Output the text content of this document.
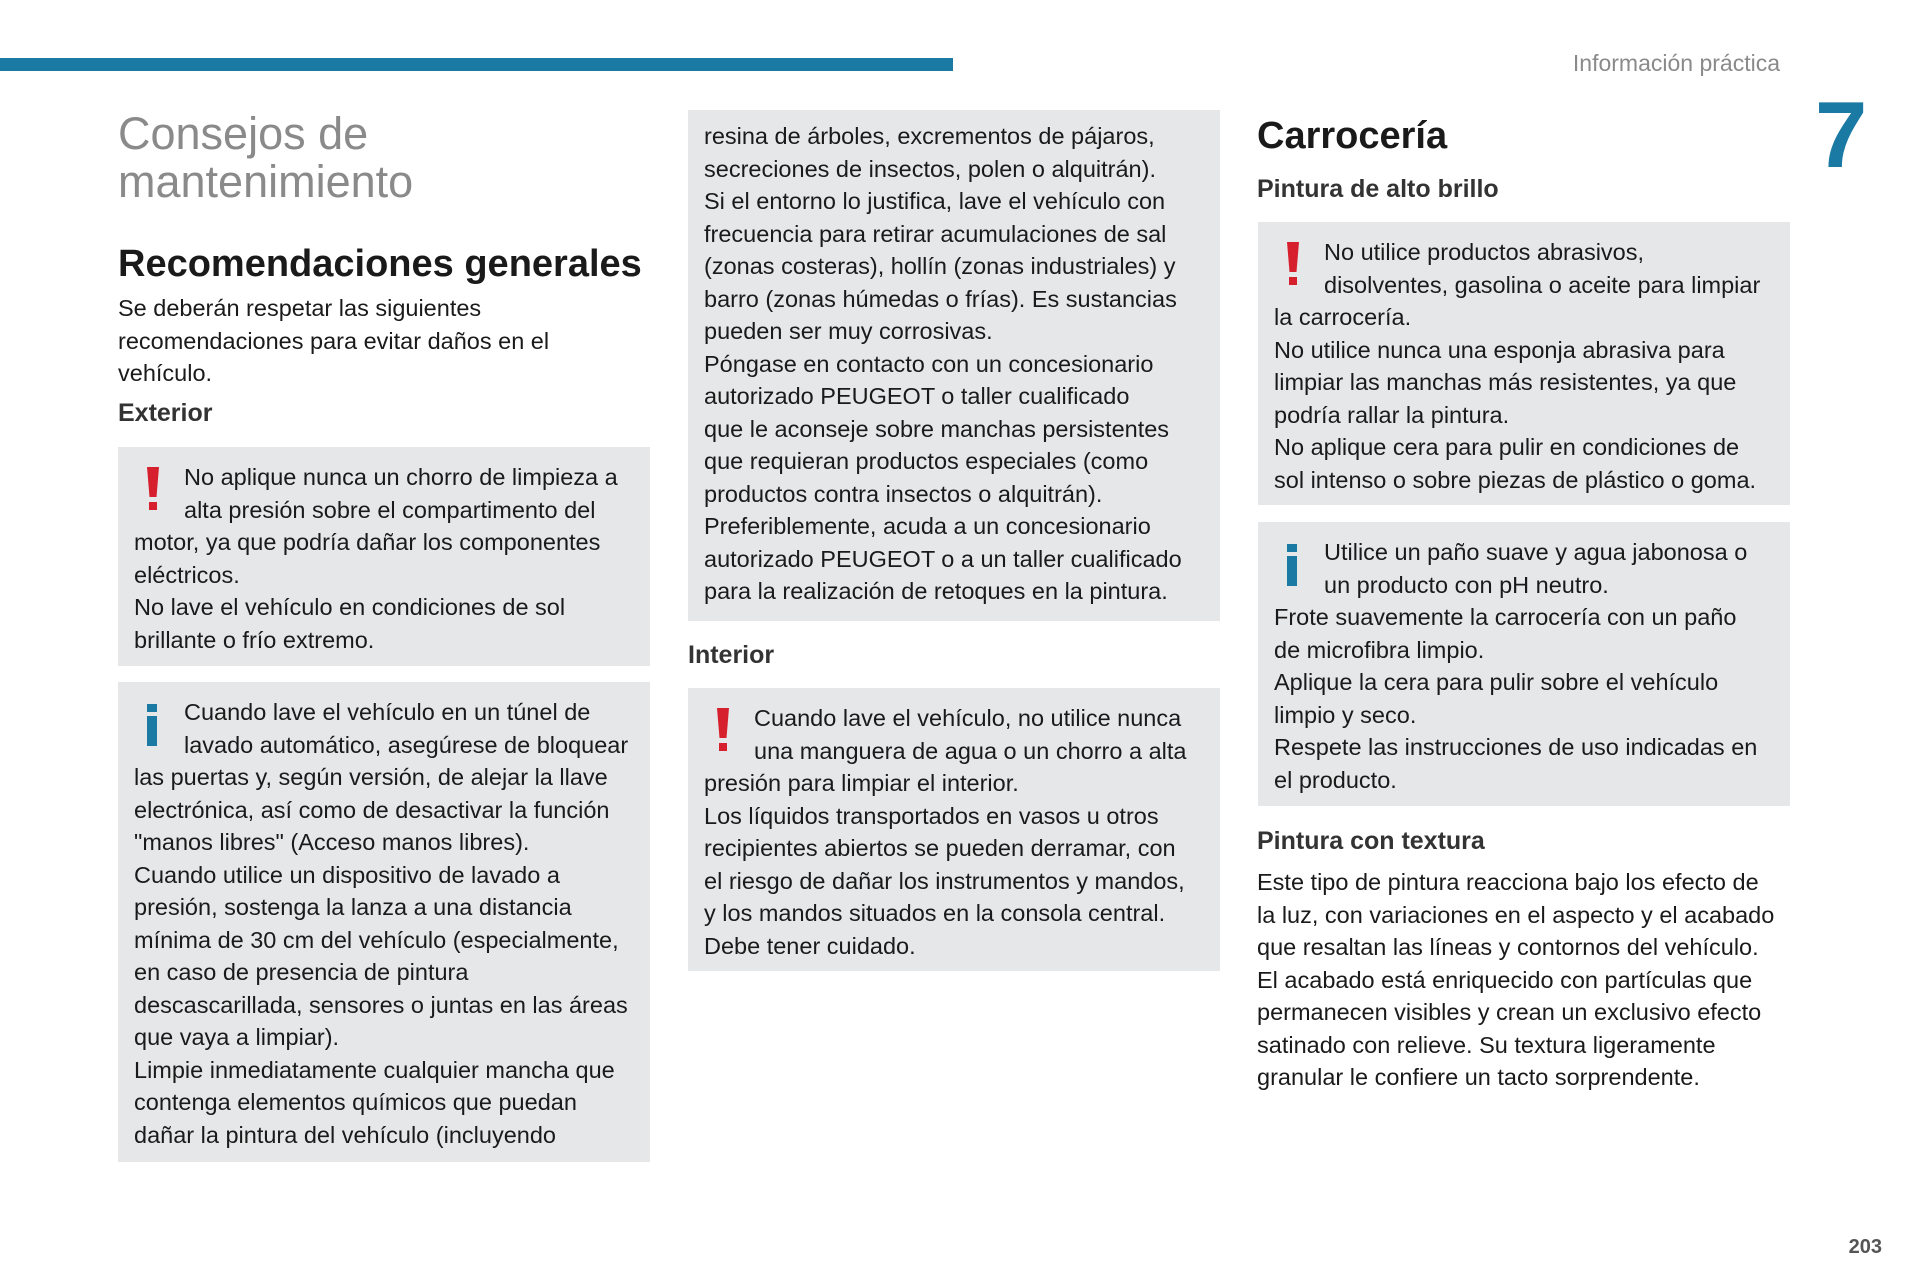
Información práctica
7
203
Consejos de
mantenimiento
Recomendaciones generales

Se deberán respetar las siguientes

recomendaciones para evitar daños en el

vehículo.

Exterior

No aplique nunca un chorro de limpieza a

alta presión sobre el compartimento del

motor, ya que podría dañar los componentes

eléctricos.

No lave el vehículo en condiciones de sol

brillante o frío extremo.

Cuando lave el vehículo en un túnel de

lavado automático, asegúrese de bloquear

las puertas y, según versión, de alejar la llave

electrónica, así como de desactivar la función

"manos libres" (Acceso manos libres).

Cuando utilice un dispositivo de lavado a

presión, sostenga la lanza a una distancia

mínima de 30 cm del vehículo (especialmente,

en caso de presencia de pintura

descascarillada, sensores o juntas en las áreas

que vaya a limpiar).

Limpie inmediatamente cualquier mancha que

contenga elementos químicos que puedan

dañar la pintura del vehículo (incluyendo

resina de árboles, excrementos de pájaros,

secreciones de insectos, polen o alquitrán).

Si el entorno lo justifica, lave el vehículo con

frecuencia para retirar acumulaciones de sal

(zonas costeras), hollín (zonas industriales) y

barro (zonas húmedas o frías). Es sustancias

pueden ser muy corrosivas.

Póngase en contacto con un concesionario

autorizado PEUGEOT o taller cualificado

que le aconseje sobre manchas persistentes

que requieran productos especiales (como

productos contra insectos o alquitrán).

Preferiblemente, acuda a un concesionario

autorizado PEUGEOT o a un taller cualificado

para la realización de retoques en la pintura.

Interior

Cuando lave el vehículo, no utilice nunca

una manguera de agua o un chorro a alta

presión para limpiar el interior.

Los líquidos transportados en vasos u otros

recipientes abiertos se pueden derramar, con

el riesgo de dañar los instrumentos y mandos,

y los mandos situados en la consola central.

Debe tener cuidado.

Carrocería
Pintura de alto brillo

No utilice productos abrasivos,

disolventes, gasolina o aceite para limpiar

la carrocería.

No utilice nunca una esponja abrasiva para

limpiar las manchas más resistentes, ya que

podría rallar la pintura.

No aplique cera para pulir en condiciones de

sol intenso o sobre piezas de plástico o goma.

Utilice un paño suave y agua jabonosa o

un producto con pH neutro.

Frote suavemente la carrocería con un paño

de microfibra limpio.

Aplique la cera para pulir sobre el vehículo

limpio y seco.

Respete las instrucciones de uso indicadas en

el producto.

Pintura con textura

Este tipo de pintura reacciona bajo los efecto de

la luz, con variaciones en el aspecto y el acabado

que resaltan las líneas y contornos del vehículo.

El acabado está enriquecido con partículas que

permanecen visibles y crean un exclusivo efecto

satinado con relieve. Su textura ligeramente

granular le confiere un tacto sorprendente.
